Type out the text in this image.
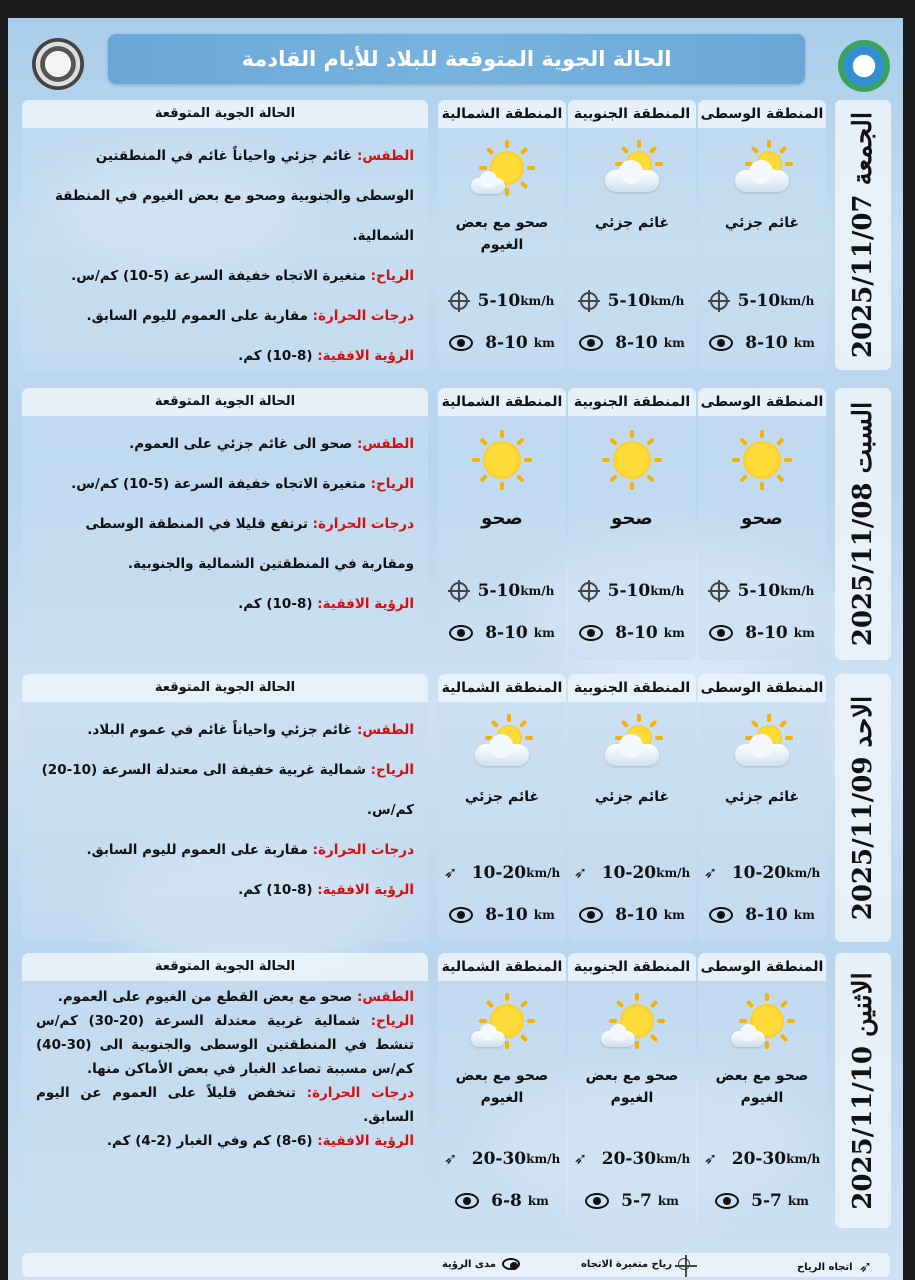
الحالة الجوية المتوقعة للبلاد للأيام القادمة
الجمعة 2025/11/07
المنطقة الوسطى
غائم جزئي
5-10 km/h
8-10 km
المنطقة الجنوبية
غائم جزئي
5-10 km/h
8-10 km
المنطقة الشمالية
صحو مع بعض الغيوم
5-10 km/h
8-10 km
الحالة الجوية المتوقعة

الطقس: غائم جزئي واحياناً غائم في المنطقتين الوسطى والجنوبية وصحو مع بعض الغيوم في المنطقة الشمالية.

الرياح: متغيرة الاتجاه خفيفة السرعة (5-10) كم/س.

درجات الحرارة: مقاربة على العموم لليوم السابق.

الرؤية الافقية: (8-10) كم.

السبت 2025/11/08
المنطقة الوسطى
صحو
5-10 km/h
8-10 km
المنطقة الجنوبية
صحو
5-10 km/h
8-10 km
المنطقة الشمالية
صحو
5-10 km/h
8-10 km
الحالة الجوية المتوقعة

الطقس: صحو الى غائم جزئي على العموم.

الرياح: متغيرة الاتجاه خفيفة السرعة (5-10) كم/س.

درجات الحرارة: ترتفع قليلا في المنطقة الوسطى ومقاربة في المنطقتين الشمالية والجنوبية.

الرؤية الافقية: (8-10) كم.

الاحد 2025/11/09
المنطقة الوسطى
غائم جزئي
➶ 10-20 km/h
8-10 km
المنطقة الجنوبية
غائم جزئي
➶ 10-20 km/h
8-10 km
المنطقة الشمالية
غائم جزئي
➶ 10-20 km/h
8-10 km
الحالة الجوية المتوقعة

الطقس: غائم جزئي واحياناً غائم في عموم البلاد.

الرياح: شمالية غربية خفيفة الى معتدلة السرعة (10-20) كم/س.

درجات الحرارة: مقاربة على العموم لليوم السابق.

الرؤية الافقية: (8-10) كم.

الاثنين 2025/11/10
المنطقة الوسطى
صحو مع بعض الغيوم
➶ 20-30 km/h
5-7 km
المنطقة الجنوبية
صحو مع بعض الغيوم
➶ 20-30 km/h
5-7 km
المنطقة الشمالية
صحو مع بعض الغيوم
➶ 20-30 km/h
6-8 km
الحالة الجوية المتوقعة

الطقس: صحو مع بعض القطع من الغيوم على العموم.

الرياح: شمالية غربية معتدلة السرعة (20-30) كم/س تنشط في المنطقتين الوسطى والجنوبية الى (30-40) كم/س مسببة تصاعد الغبار في بعض الأماكن منها.

درجات الحرارة: تنخفض قليلاً على العموم عن اليوم السابق.

الرؤية الافقية: (6-8) كم وفي الغبار (2-4) كم.

➶
اتجاه الرياح
رياح متغيرة الاتجاه
مدى الرؤية
